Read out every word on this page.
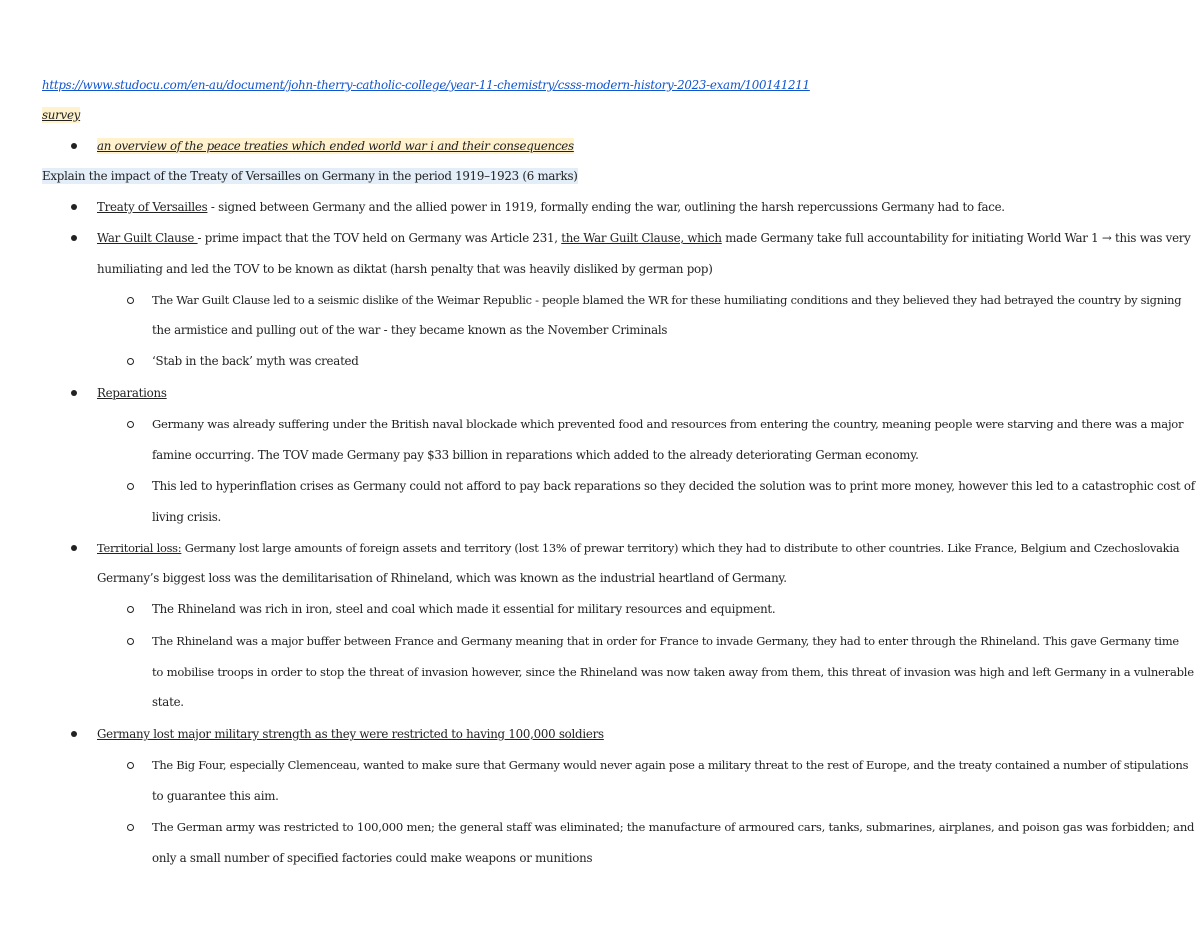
https://www.studocu.com/en-au/document/john-therry-catholic-college/year-11-chemistry/csss-modern-history-2023-exam/100141211
survey
an overview of the peace treaties which ended world war i and their consequences
Explain the impact of the Treaty of Versailles on Germany in the period 1919–1923 (6 marks)
Treaty of Versailles - signed between Germany and the allied power in 1919, formally ending the war, outlining the harsh repercussions Germany had to face.
War Guilt Clause - prime impact that the TOV held on Germany was Article 231, the War Guilt Clause, which made Germany take full accountability for initiating World War 1 → this was very
humiliating and led the TOV to be known as diktat (harsh penalty that was heavily disliked by german pop)
The War Guilt Clause led to a seismic dislike of the Weimar Republic - people blamed the WR for these humiliating conditions and they believed they had betrayed the country by signing
the armistice and pulling out of the war - they became known as the November Criminals
‘Stab in the back’ myth was created
Reparations
Germany was already suffering under the British naval blockade which prevented food and resources from entering the country, meaning people were starving and there was a major
famine occurring. The TOV made Germany pay $33 billion in reparations which added to the already deteriorating German economy.
This led to hyperinflation crises as Germany could not afford to pay back reparations so they decided the solution was to print more money, however this led to a catastrophic cost of
living crisis.
Territorial loss: Germany lost large amounts of foreign assets and territory (lost 13% of prewar territory) which they had to distribute to other countries. Like France, Belgium and Czechoslovakia
Germany’s biggest loss was the demilitarisation of Rhineland, which was known as the industrial heartland of Germany.
The Rhineland was rich in iron, steel and coal which made it essential for military resources and equipment.
The Rhineland was a major buffer between France and Germany meaning that in order for France to invade Germany, they had to enter through the Rhineland. This gave Germany time
to mobilise troops in order to stop the threat of invasion however, since the Rhineland was now taken away from them, this threat of invasion was high and left Germany in a vulnerable
state.
Germany lost major military strength as they were restricted to having 100,000 soldiers
The Big Four, especially Clemenceau, wanted to make sure that Germany would never again pose a military threat to the rest of Europe, and the treaty contained a number of stipulations
to guarantee this aim.
The German army was restricted to 100,000 men; the general staff was eliminated; the manufacture of armoured cars, tanks, submarines, airplanes, and poison gas was forbidden; and
only a small number of specified factories could make weapons or munitions
